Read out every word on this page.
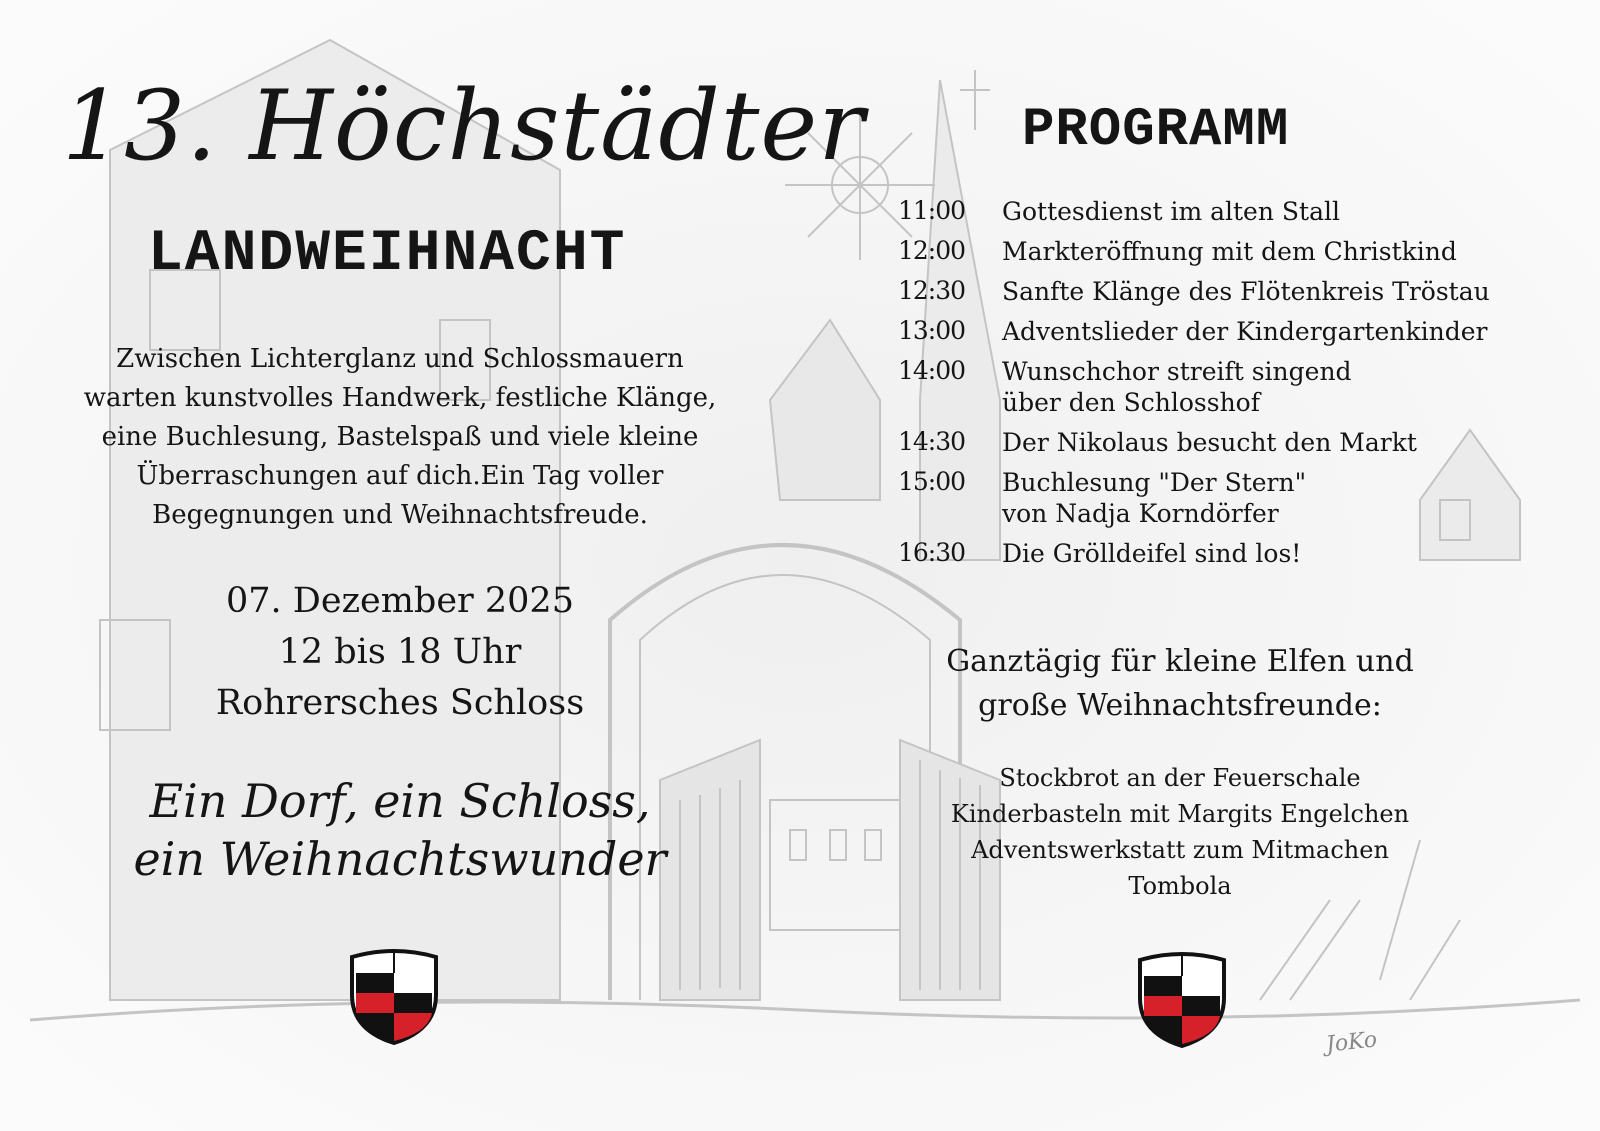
13. Höchstädter
LANDWEIHNACHT
Zwischen Lichterglanz und Schlossmauern
warten kunstvolles Handwerk, festliche Klänge,
eine Buchlesung, Bastelspaß und viele kleine
Überraschungen auf dich.Ein Tag voller
Begegnungen und Weihnachtsfreude.
07. Dezember 2025
12 bis 18 Uhr
Rohrersches Schloss
Ein Dorf, ein Schloss,
ein Weihnachtswunder
PROGRAMM
11:00	Gottesdienst im alten Stall
12:00	Markteröffnung mit dem Christkind
12:30	Sanfte Klänge des Flötenkreis Tröstau
13:00	Adventslieder der Kindergartenkinder
14:00	Wunschchor streift singend
über den Schlosshof
14:30	Der Nikolaus besucht den Markt
15:00	Buchlesung "Der Stern"
von Nadja Korndörfer
16:30	Die Grölldeifel sind los!
Ganztägig für kleine Elfen und
große Weihnachtsfreunde:
Stockbrot an der Feuerschale
Kinderbasteln mit Margits Engelchen
Adventswerkstatt zum Mitmachen
Tombola
JoKo
